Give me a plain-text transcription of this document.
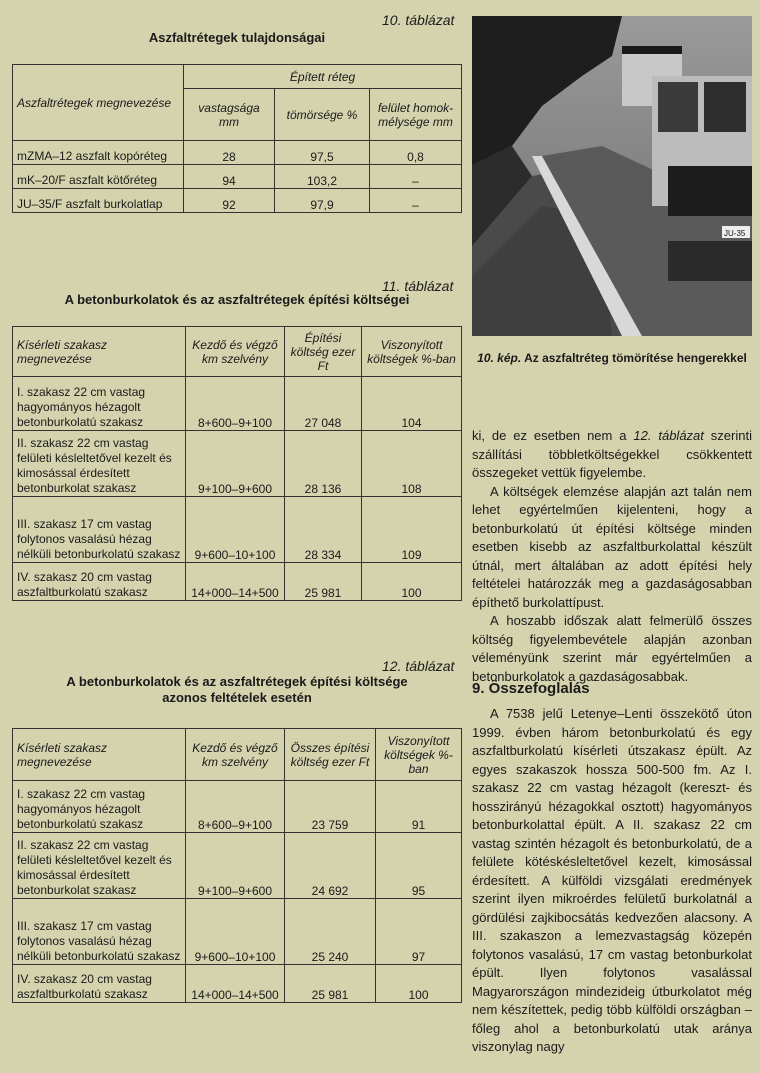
10. táblázat
Aszfaltrétegek tulajdonságai
Aszfaltrétegek megnevezése	Épített réteg		
	vastagsága mm	tömörsége %	felület homok-mélysége mm
mZMA–12 aszfalt kopóréteg	28	97,5	0,8
mK–20/F aszfalt kötőréteg	94	103,2	–
JU–35/F aszfalt burkolatlap	92	97,9	–
11. táblázat
A betonburkolatok és az aszfaltrétegek építési költségei
Kísérleti szakasz megnevezése	Kezdő és végző km szelvény	Építési költség ezer Ft	Viszonyított költségek %-ban
I. szakasz 22 cm vastag hagyományos hézagolt betonburkolatú szakasz	8+600–9+100	27 048	104
II. szakasz 22 cm vastag felületi késleltetővel kezelt és kimosással érdesített betonburkolat szakasz	9+100–9+600	28 136	108
III. szakasz 17 cm vastag folytonos vasalású hézag nélküli betonburkolatú szakasz	9+600–10+100	28 334	109
IV. szakasz 20 cm vastag aszfaltburkolatú szakasz	14+000–14+500	25 981	100
12. táblázat
A betonburkolatok és az aszfaltrétegek építési költsége
azonos feltételek esetén
Kísérleti szakasz megnevezése	Kezdő és végző km szelvény	Összes építési költség ezer Ft	Viszonyított költségek %-ban
I. szakasz 22 cm vastag hagyományos hézagolt betonburkolatú szakasz	8+600–9+100	23 759	91
II. szakasz 22 cm vastag felületi késleltetővel kezelt és kimosással érdesített betonburkolat szakasz	9+100–9+600	24 692	95
III. szakasz 17 cm vastag folytonos vasalású hézag nélküli betonburkolatú szakasz	9+600–10+100	25 240	97
IV. szakasz 20 cm vastag aszfaltburkolatú szakasz	14+000–14+500	25 981	100
JU-35
10. kép. Az aszfaltréteg tömörítése hengerekkel

ki, de ez esetben nem a 12. táblázat szerinti szállítási többletköltségekkel csökkentett összegeket vettük figyelembe.

A költségek elemzése alapján azt talán nem lehet egyértelműen kijelenteni, hogy a betonburkolatú út építési költsége minden esetben kisebb az aszfaltburkolattal készült útnál, mert általában az adott építési hely feltételei határozzák meg a gazdaságosabban építhető burkolattípust.

A hoszabb időszak alatt felmerülő összes költség figyelembevétele alapján azonban véleményünk szerint már egyértelműen a betonburkolatok a gazdaságosabbak.

9. Összefoglalás

A 7538 jelű Letenye–Lenti összekötő úton 1999. évben három betonburkolatú és egy aszfaltburkolatú kísérleti útszakasz épült. Az egyes szakaszok hossza 500-500 fm. Az I. szakasz 22 cm vastag hézagolt (kereszt- és hosszirányú hézagokkal osztott) hagyományos betonburkolattal épült. A II. szakasz 22 cm vastag szintén hézagolt és betonburkolatú, de a felülete kötéskésleltetővel kezelt, kimosással érdesített. A külföldi vizsgálati eredmények szerint ilyen mikroérdes felületű burkolatnál a gördülési zajkibocsátás kedvezően alacsony. A III. szakaszon a lemezvastagság közepén folytonos vasalású, 17 cm vastag betonburkolat épült. Ilyen folytonos vasalással Magyarországon mindezideig útburkolatot még nem készítettek, pedig több külföldi országban – főleg ahol a betonburkolatú utak aránya viszonylag nagy
